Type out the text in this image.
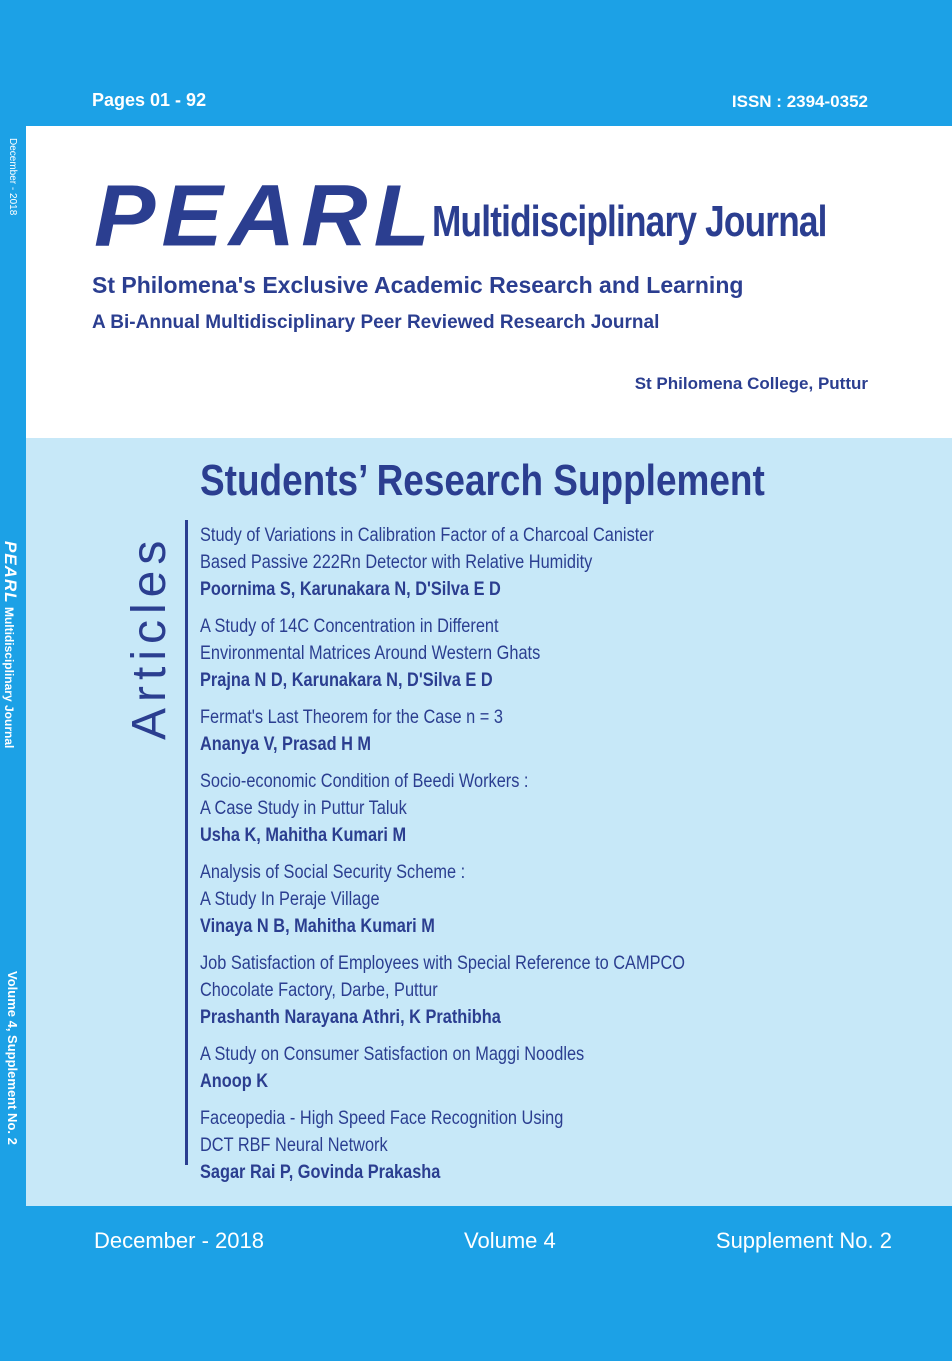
Pages 01 - 92	ISSN : 2394-0352
December - 2018
PEARL Multidisciplinary Journal
Volume 4, Supplement No. 2
PEARL
Multidisciplinary Journal
St Philomena's Exclusive Academic Research and Learning
A Bi-Annual Multidisciplinary Peer Reviewed Research Journal
St Philomena College, Puttur
Students’ Research Supplement
Articles Study of Variations in Calibration Factor of a Charcoal Canister
Based Passive 222Rn Detector with Relative Humidity
Poornima S, Karunakara N, D'Silva E D
A Study of 14C Concentration in Different
Environmental Matrices Around Western Ghats
Prajna N D, Karunakara N, D'Silva E D
Fermat's Last Theorem for the Case n = 3
Ananya V, Prasad H M
Socio-economic Condition of Beedi Workers :
A Case Study in Puttur Taluk
Usha K, Mahitha Kumari M
Analysis of Social Security Scheme :
A Study In Peraje Village
Vinaya N B, Mahitha Kumari M
Job Satisfaction of Employees with Special Reference to CAMPCO
Chocolate Factory, Darbe, Puttur
Prashanth Narayana Athri, K Prathibha
A Study on Consumer Satisfaction on Maggi Noodles
Anoop K
Faceopedia - High Speed Face Recognition Using
DCT RBF Neural Network
Sagar Rai P, Govinda Prakasha
December - 2018	Volume 4	Supplement No. 2
